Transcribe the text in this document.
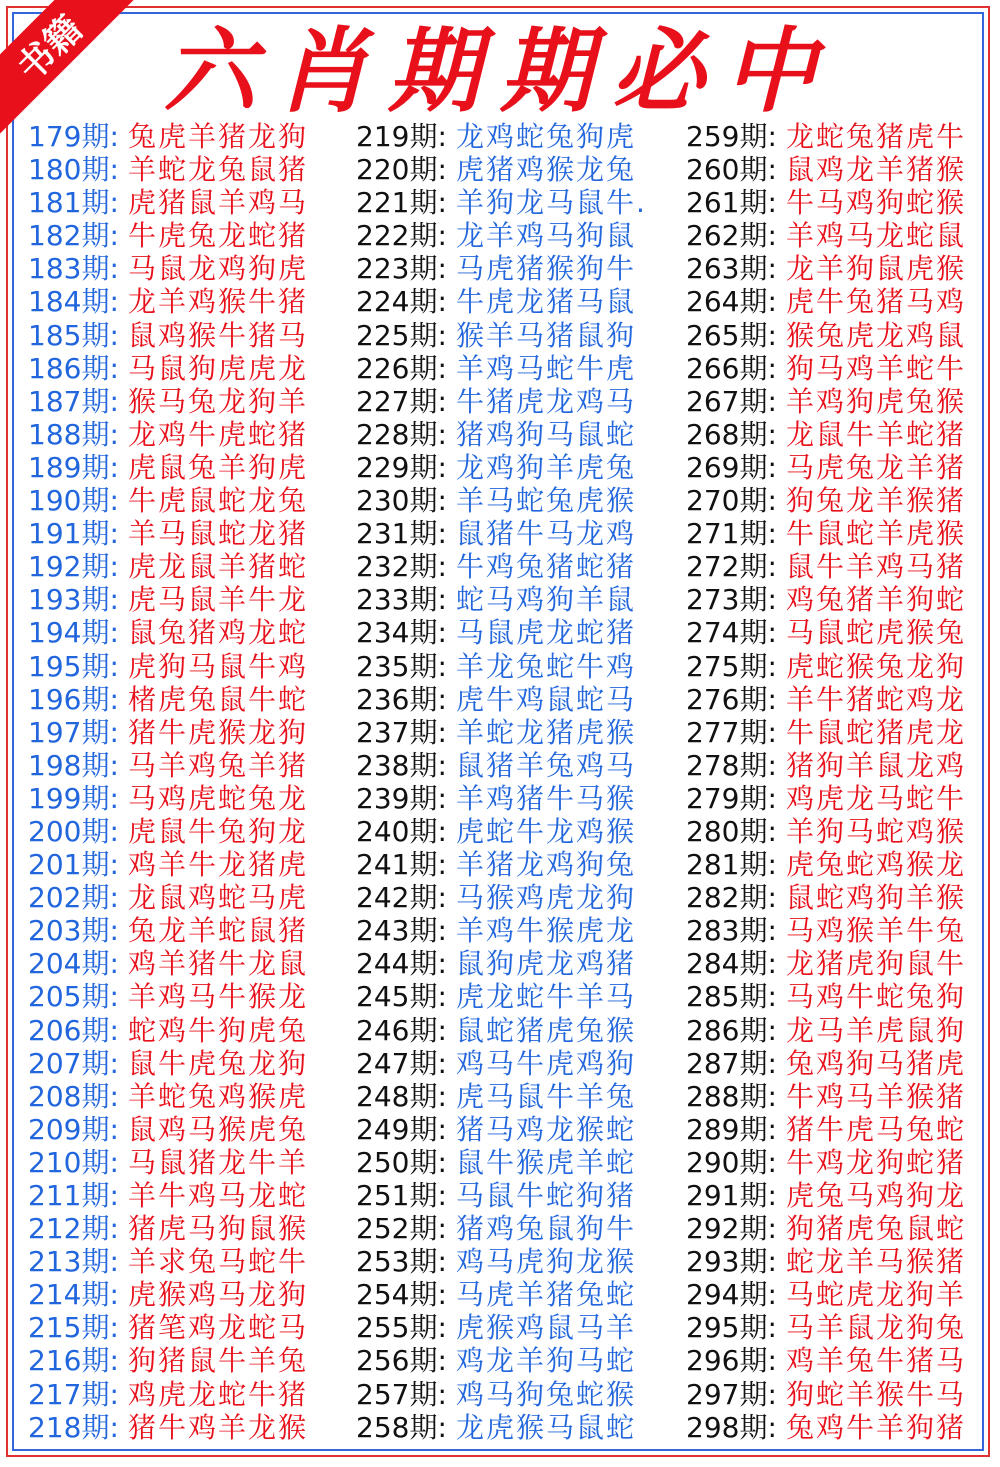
书籍 六肖期期必中
179期: 兔虎羊猪龙狗
180期: 羊蛇龙兔鼠猪
181期: 虎猪鼠羊鸡马
182期: 牛虎兔龙蛇猪
183期: 马鼠龙鸡狗虎
184期: 龙羊鸡猴牛猪
185期: 鼠鸡猴牛猪马
186期: 马鼠狗虎虎龙
187期: 猴马兔龙狗羊
188期: 龙鸡牛虎蛇猪
189期: 虎鼠兔羊狗虎
190期: 牛虎鼠蛇龙兔
191期: 羊马鼠蛇龙猪
192期: 虎龙鼠羊猪蛇
193期: 虎马鼠羊牛龙
194期: 鼠兔猪鸡龙蛇
195期: 虎狗马鼠牛鸡
196期: 楮虎兔鼠牛蛇
197期: 猪牛虎猴龙狗
198期: 马羊鸡兔羊猪
199期: 马鸡虎蛇兔龙
200期: 虎鼠牛兔狗龙
201期: 鸡羊牛龙猪虎
202期: 龙鼠鸡蛇马虎
203期: 兔龙羊蛇鼠猪
204期: 鸡羊猪牛龙鼠
205期: 羊鸡马牛猴龙
206期: 蛇鸡牛狗虎兔
207期: 鼠牛虎兔龙狗
208期: 羊蛇兔鸡猴虎
209期: 鼠鸡马猴虎兔
210期: 马鼠猪龙牛羊
211期: 羊牛鸡马龙蛇
212期: 猪虎马狗鼠猴
213期: 羊求兔马蛇牛
214期: 虎猴鸡马龙狗
215期: 猪笔鸡龙蛇马
216期: 狗猪鼠牛羊兔
217期: 鸡虎龙蛇牛猪
218期: 猪牛鸡羊龙猴
219期: 龙鸡蛇兔狗虎
220期: 虎猪鸡猴龙兔
221期: 羊狗龙马鼠牛.
222期: 龙羊鸡马狗鼠
223期: 马虎猪猴狗牛
224期: 牛虎龙猪马鼠
225期: 猴羊马猪鼠狗
226期: 羊鸡马蛇牛虎
227期: 牛猪虎龙鸡马
228期: 猪鸡狗马鼠蛇
229期: 龙鸡狗羊虎兔
230期: 羊马蛇兔虎猴
231期: 鼠猪牛马龙鸡
232期: 牛鸡兔猪蛇猪
233期: 蛇马鸡狗羊鼠
234期: 马鼠虎龙蛇猪
235期: 羊龙兔蛇牛鸡
236期: 虎牛鸡鼠蛇马
237期: 羊蛇龙猪虎猴
238期: 鼠猪羊兔鸡马
239期: 羊鸡猪牛马猴
240期: 虎蛇牛龙鸡猴
241期: 羊猪龙鸡狗兔
242期: 马猴鸡虎龙狗
243期: 羊鸡牛猴虎龙
244期: 鼠狗虎龙鸡猪
245期: 虎龙蛇牛羊马
246期: 鼠蛇猪虎兔猴
247期: 鸡马牛虎鸡狗
248期: 虎马鼠牛羊兔
249期: 猪马鸡龙猴蛇
250期: 鼠牛猴虎羊蛇
251期: 马鼠牛蛇狗猪
252期: 猪鸡兔鼠狗牛
253期: 鸡马虎狗龙猴
254期: 马虎羊猪兔蛇
255期: 虎猴鸡鼠马羊
256期: 鸡龙羊狗马蛇
257期: 鸡马狗兔蛇猴
258期: 龙虎猴马鼠蛇
259期: 龙蛇兔猪虎牛
260期: 鼠鸡龙羊猪猴
261期: 牛马鸡狗蛇猴
262期: 羊鸡马龙蛇鼠
263期: 龙羊狗鼠虎猴
264期: 虎牛兔猪马鸡
265期: 猴兔虎龙鸡鼠
266期: 狗马鸡羊蛇牛
267期: 羊鸡狗虎兔猴
268期: 龙鼠牛羊蛇猪
269期: 马虎兔龙羊猪
270期: 狗兔龙羊猴猪
271期: 牛鼠蛇羊虎猴
272期: 鼠牛羊鸡马猪
273期: 鸡兔猪羊狗蛇
274期: 马鼠蛇虎猴兔
275期: 虎蛇猴兔龙狗
276期: 羊牛猪蛇鸡龙
277期: 牛鼠蛇猪虎龙
278期: 猪狗羊鼠龙鸡
279期: 鸡虎龙马蛇牛
280期: 羊狗马蛇鸡猴
281期: 虎兔蛇鸡猴龙
282期: 鼠蛇鸡狗羊猴
283期: 马鸡猴羊牛兔
284期: 龙猪虎狗鼠牛
285期: 马鸡牛蛇兔狗
286期: 龙马羊虎鼠狗
287期: 兔鸡狗马猪虎
288期: 牛鸡马羊猴猪
289期: 猪牛虎马兔蛇
290期: 牛鸡龙狗蛇猪
291期: 虎兔马鸡狗龙
292期: 狗猪虎兔鼠蛇
293期: 蛇龙羊马猴猪
294期: 马蛇虎龙狗羊
295期: 马羊鼠龙狗兔
296期: 鸡羊兔牛猪马
297期: 狗蛇羊猴牛马
298期: 兔鸡牛羊狗猪
